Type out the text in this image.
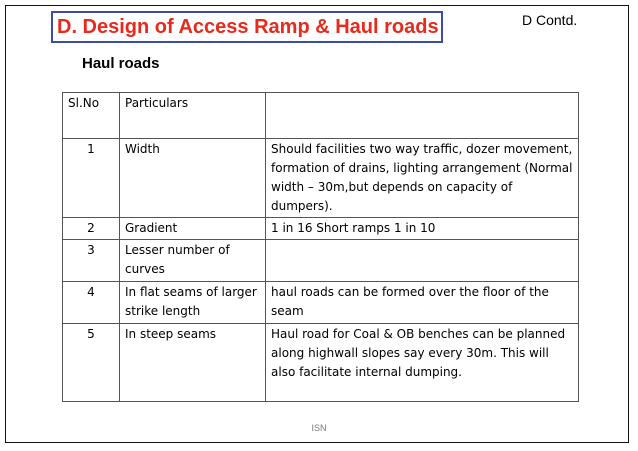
D. Design of Access Ramp & Haul roads	D Contd.
Haul roads
Sl.No	Particulars	
1	Width	Should facilities two way traffic, dozer movement, formation of drains, lighting arrangement (Normal width – 30m,but depends on capacity of dumpers).
2	Gradient	1 in 16 Short ramps 1 in 10
3	Lesser number of curves	
4	In flat seams of larger strike length	haul roads can be formed over the floor of the seam
5	In steep seams	Haul road for Coal & OB benches can be planned along highwall slopes say every 30m. This will also facilitate internal dumping.
ISN
